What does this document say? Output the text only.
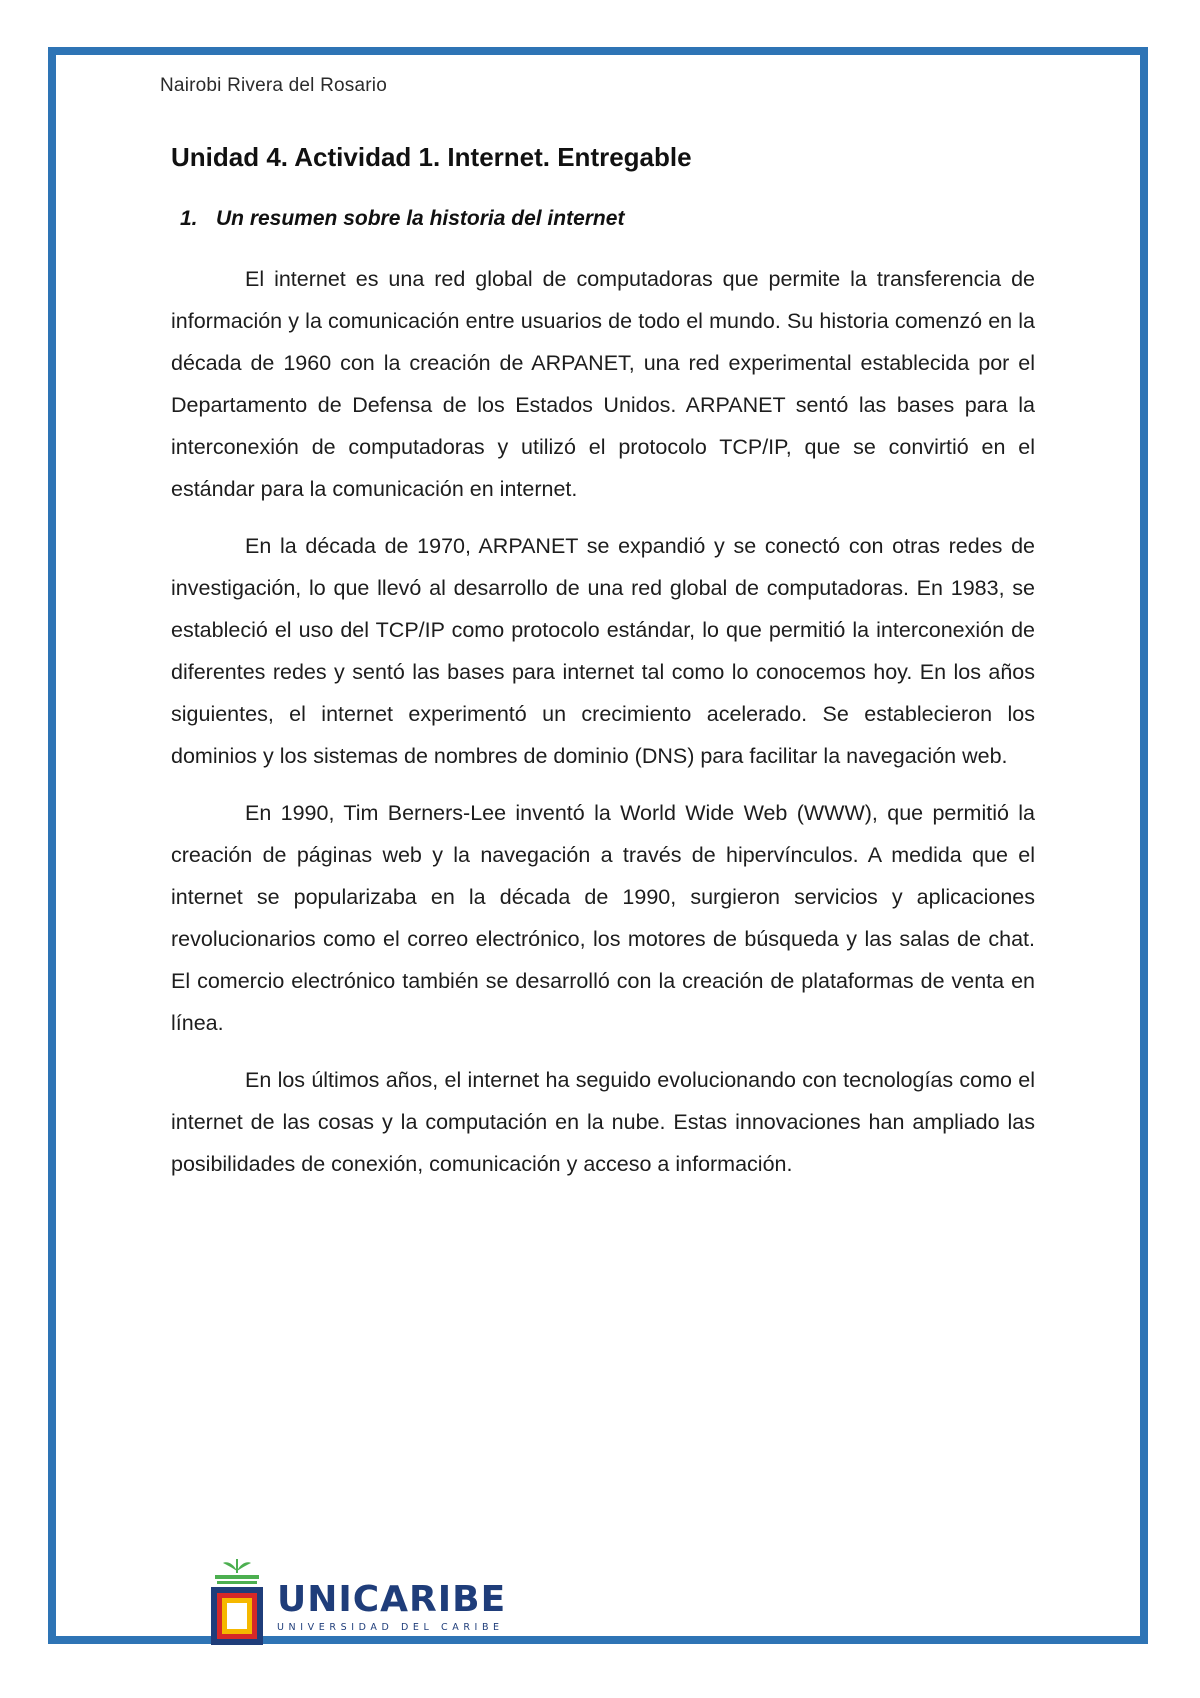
Nairobi Rivera del Rosario
Unidad 4. Actividad 1. Internet. Entregable
1. Un resumen sobre la historia del internet

El internet es una red global de computadoras que permite la transferencia de información y la comunicación entre usuarios de todo el mundo. Su historia comenzó en la década de 1960 con la creación de ARPANET, una red experimental establecida por el Departamento de Defensa de los Estados Unidos. ARPANET sentó las bases para la interconexión de computadoras y utilizó el protocolo TCP/IP, que se convirtió en el estándar para la comunicación en internet.

En la década de 1970, ARPANET se expandió y se conectó con otras redes de investigación, lo que llevó al desarrollo de una red global de computadoras. En 1983, se estableció el uso del TCP/IP como protocolo estándar, lo que permitió la interconexión de diferentes redes y sentó las bases para internet tal como lo conocemos hoy. En los años siguientes, el internet experimentó un crecimiento acelerado. Se establecieron los dominios y los sistemas de nombres de dominio (DNS) para facilitar la navegación web.

En 1990, Tim Berners-Lee inventó la World Wide Web (WWW), que permitió la creación de páginas web y la navegación a través de hipervínculos. A medida que el internet se popularizaba en la década de 1990, surgieron servicios y aplicaciones revolucionarios como el correo electrónico, los motores de búsqueda y las salas de chat. El comercio electrónico también se desarrolló con la creación de plataformas de venta en línea.

En los últimos años, el internet ha seguido evolucionando con tecnologías como el internet de las cosas y la computación en la nube. Estas innovaciones han ampliado las posibilidades de conexión, comunicación y acceso a información.

UNICARIBE
UNIVERSIDAD DEL CARIBE
